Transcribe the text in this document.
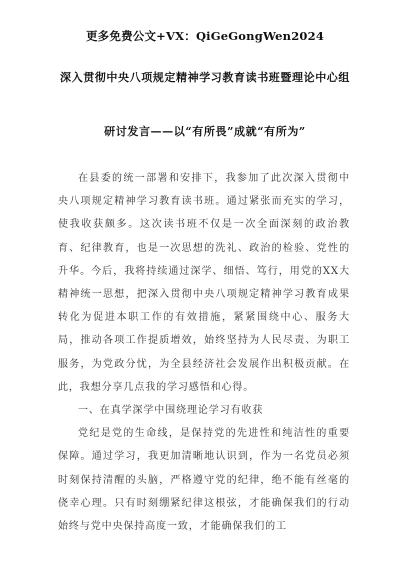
更多免费公文+VX：QiGeGongWen2024
深入贯彻中央八项规定精神学习教育读书班暨理论中心组
研讨发言——以“有所畏”成就“有所为”

在县委的统一部署和安排下，我参加了此次深入贯彻中央八项规定精神学习教育读书班。通过紧张而充实的学习，使我收获颇多。这次读书班不仅是一次全面深刻的政治教育、纪律教育，也是一次思想的洗礼、政治的检验、党性的升华。今后，我将持续通过深学、细悟、笃行，用党的XX大精神统一思想，把深入贯彻中央八项规定精神学习教育成果转化为促进本职工作的有效措施，紧紧围绕中心、服务大局，推动各项工作提质增效，始终坚持为人民尽责、为职工服务，为党政分忧，为全县经济社会发展作出积极贡献。在此，我想分享几点我的学习感悟和心得。

一、在真学深学中围绕理论学习有收获

党纪是党的生命线，是保持党的先进性和纯洁性的重要保障。通过学习，我更加清晰地认识到，作为一名党员必须时刻保持清醒的头脑，严格遵守党的纪律，绝不能有丝毫的侥幸心理。只有时刻绷紧纪律这根弦，才能确保我们的行动始终与党中央保持高度一致，才能确保我们的工
